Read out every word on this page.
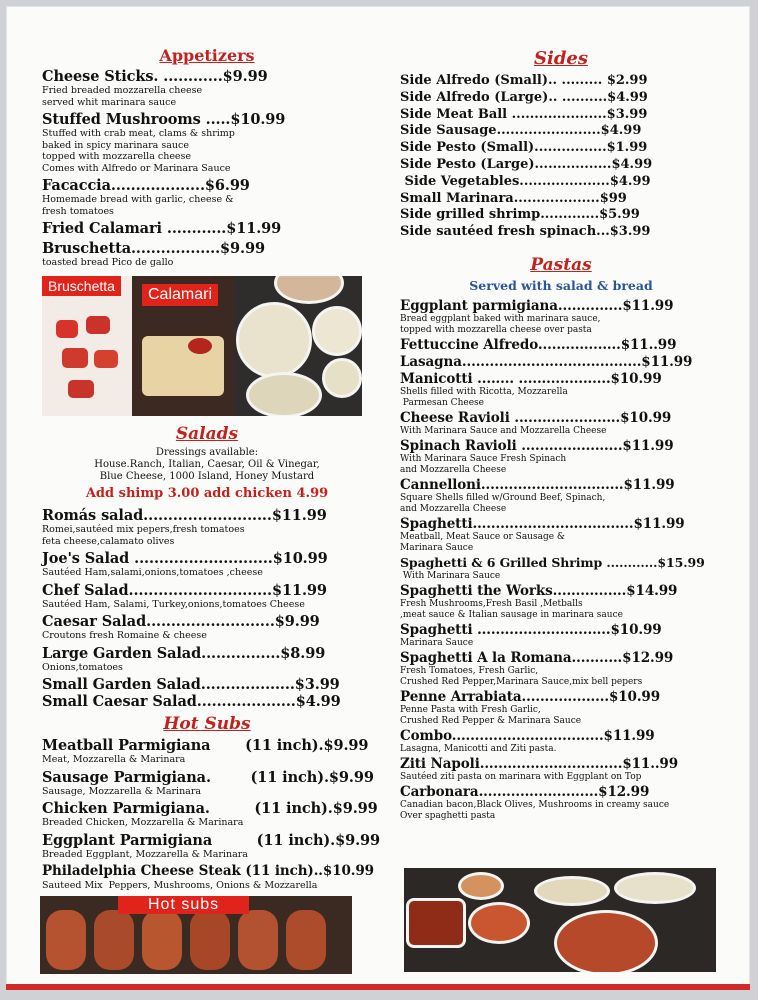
Appetizers
Cheese Sticks. ............$9.99
Fried breaded mozzarella cheese
served whit marinara sauce
Stuffed Mushrooms .....$10.99
Stuffed with crab meat, clams & shrimp
baked in spicy marinara sauce
topped with mozzarella cheese
Comes with Alfredo or Marinara Sauce
Facaccia...................$6.99
Homemade bread with garlic, cheese &
fresh tomatoes
Fried Calamari ............$11.99
Bruschetta..................$9.99
toasted bread Pico de gallo
Bruschetta	Calamari
Salads
Dressings available:
House.Ranch, Italian, Caesar, Oil & Vinegar,
Blue Cheese, 1000 Island, Honey Mustard
Add shimp 3.00 add chicken 4.99
Romás salad..........................$11.99
Romei,sautéed mix pepers,fresh tomatoes
feta cheese,calamato olives
Joe's Salad ............................$10.99
Sautéed Ham,salami,onions,tomatoes ,cheese
Chef Salad.............................$11.99
Sautéed Ham, Salami, Turkey,onions,tomatoes Cheese
Caesar Salad..........................$9.99
Croutons fresh Romaine & cheese
Large Garden Salad................$8.99
Onions,tomatoes
Small Garden Salad...................$3.99
Small Caesar Salad....................$4.99
Hot Subs
Meatball Parmigiana       (11 inch).$9.99
Meat, Mozzarella & Marinara
Sausage Parmigiana.        (11 inch).$9.99
Sausage, Mozzarella & Marinara
Chicken Parmigiana.         (11 inch).$9.99
Breaded Chicken, Mozzarella & Marinara
Eggplant Parmigiana         (11 inch).$9.99
Breaded Eggplant, Mozzarella & Marinara
Philadelphia Cheese Steak (11 inch)..$10.99
Sauteed Mix  Peppers, Mushrooms, Onions & Mozzarella
Hot subs
Sides
Side Alfredo (Small).. ......... $2.99
Side Alfredo (Large).. ..........$4.99
Side Meat Ball .....................$3.99
Side Sausage.......................$4.99
Side Pesto (Small)................$1.99
Side Pesto (Large).................$4.99
Side Vegetables....................$4.99
Small Marinara...................$99
Side grilled shrimp.............$5.99
Side sautéed fresh spinach...$3.99
Pastas
Served with salad & bread
Eggplant parmigiana..............$11.99
Bread eggplant baked with marinara sauce,
topped with mozzarella cheese over pasta
Fettuccine Alfredo..................$11..99
Lasagna.......................................$11.99
Manicotti ........ ....................$10.99
Shells filled with Ricotta, Mozzarella
Parmesan Cheese
Cheese Ravioli .......................$10.99
With Marinara Sauce and Mozzarella Cheese
Spinach Ravioli ......................$11.99
With Marinara Sauce Fresh Spinach
and Mozzarella Cheese
Cannelloni...............................$11.99
Square Shells filled w/Ground Beef, Spinach,
and Mozzarella Cheese
Spaghetti...................................$11.99
Meatball, Meat Sauce or Sausage &
Marinara Sauce
Spaghetti & 6 Grilled Shrimp ............$15.99
With Marinara Sauce
Spaghetti the Works................$14.99
Fresh Mushrooms,Fresh Basil ,Metballs
,meat sauce & Italian sausage in marinara sauce
Spaghetti .............................$10.99
Marinara Sauce
Spaghetti A la Romana...........$12.99
Fresh Tomatoes, Fresh Garlic,
Crushed Red Pepper,Marinara Sauce,mix bell pepers
Penne Arrabiata...................$10.99
Penne Pasta with Fresh Garlic,
Crushed Red Pepper & Marinara Sauce
Combo.................................$11.99
Lasagna, Manicotti and Ziti pasta.
Ziti Napoli...............................$11..99
Sautéed ziti pasta on marinara with Eggplant on Top
Carbonara..........................$12.99
Canadian bacon,Black Olives, Mushrooms in creamy sauce
Over spaghetti pasta
